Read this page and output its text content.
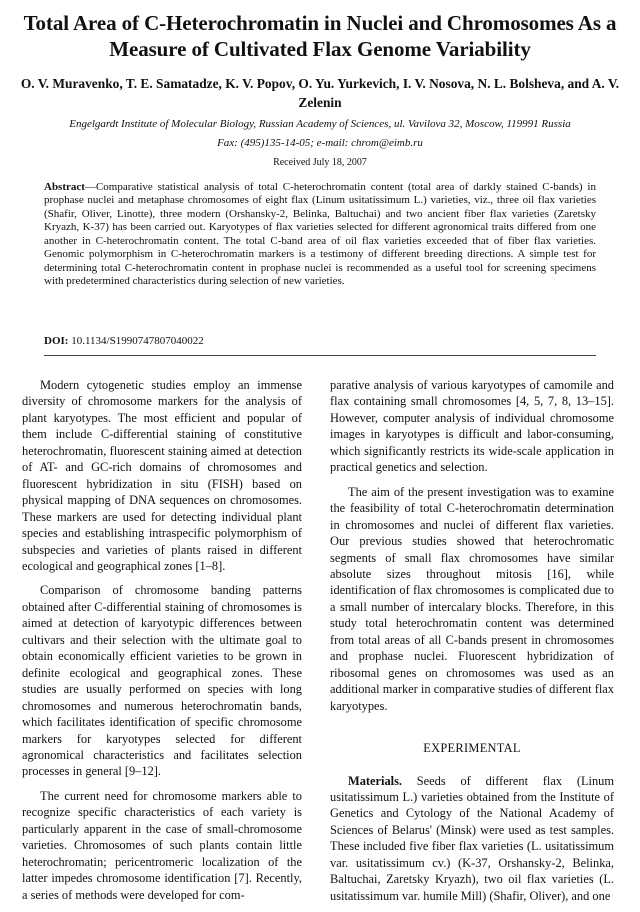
Total Area of C-Heterochromatin in Nuclei and Chromosomes As a Measure of Cultivated Flax Genome Variability
O. V. Muravenko, T. E. Samatadze, K. V. Popov, O. Yu. Yurkevich, I. V. Nosova, N. L. Bolsheva, and A. V. Zelenin
Engelgardt Institute of Molecular Biology, Russian Academy of Sciences, ul. Vavilova 32, Moscow, 119991 Russia
Fax: (495)135-14-05; e-mail: chrom@eimb.ru
Received July 18, 2007
Abstract—Comparative statistical analysis of total C-heterochromatin content (total area of darkly stained C-bands) in prophase nuclei and metaphase chromosomes of eight flax (Linum usitatissimum L.) varieties, viz., three oil flax varieties (Shafir, Oliver, Linotte), three modern (Orshansky-2, Belinka, Baltuchai) and two ancient fiber flax varieties (Zaretsky Kryazh, K-37) has been carried out. Karyotypes of flax varieties selected for different agronomical traits differed from one another in C-heterochromatin content. The total C-band area of oil flax varieties exceeded that of fiber flax varieties. Genomic polymorphism in C-heterochromatin markers is a testimony of different breeding directions. A simple test for determining total C-heterochromatin content in prophase nuclei is recommended as a useful tool for screening specimens with predetermined characteristics during selection of new varieties.
DOI: 10.1134/S1990747807040022

Modern cytogenetic studies employ an immense diversity of chromosome markers for the analysis of plant karyotypes. The most efficient and popular of them include C-differential staining of constitutive heterochromatin, fluorescent staining aimed at detection of AT- and GC-rich domains of chromosomes and fluorescent hybridization in situ (FISH) based on physical mapping of DNA sequences on chromosomes. These markers are used for detecting individual plant species and establishing intraspecific polymorphism of subspecies and varieties of plants raised in different ecological and geographical zones [1–8].

Comparison of chromosome banding patterns obtained after C-differential staining of chromosomes is aimed at detection of karyotypic differences between cultivars and their selection with the ultimate goal to obtain economically efficient varieties to be grown in definite ecological and geographical zones. These studies are usually performed on species with long chromosomes and numerous heterochromatin bands, which facilitates identification of specific chromosome markers for karyotypes selected for different agronomical characteristics and facilitates selection processes in general [9–12].

The current need for chromosome markers able to recognize specific characteristics of each variety is particularly apparent in the case of small-chromosome varieties. Chromosomes of such plants contain little heterochromatin; pericentromeric localization of the latter impedes chromosome identification [7]. Recently, a series of methods were developed for com-

parative analysis of various karyotypes of camomile and flax containing small chromosomes [4, 5, 7, 8, 13–15]. However, computer analysis of individual chromosome images in karyotypes is difficult and labor-consuming, which significantly restricts its wide-scale application in practical genetics and selection.

The aim of the present investigation was to examine the feasibility of total C-heterochromatin determination in chromosomes and nuclei of different flax varieties. Our previous studies showed that heterochromatic segments of small flax chromosomes have similar absolute sizes throughout mitosis [16], while identification of flax chromosomes is complicated due to a small number of intercalary blocks. Therefore, in this study total heterochromatin content was determined from total areas of all C-bands present in chromosomes and prophase nuclei. Fluorescent hybridization of ribosomal genes on chromosomes was used as an additional marker in comparative studies of different flax karyotypes.

EXPERIMENTAL

Materials. Seeds of different flax (Linum usitatissimum L.) varieties obtained from the Institute of Genetics and Cytology of the National Academy of Sciences of Belarus' (Minsk) were used as test samples. These included five fiber flax varieties (L. usitatissimum var. usitatissimum cv.) (K-37, Orshansky-2, Belinka, Baltuchai, Zaretsky Kryazh), two oil flax varieties (L. usitatissimum var. humile Mill) (Shafir, Oliver), and one
